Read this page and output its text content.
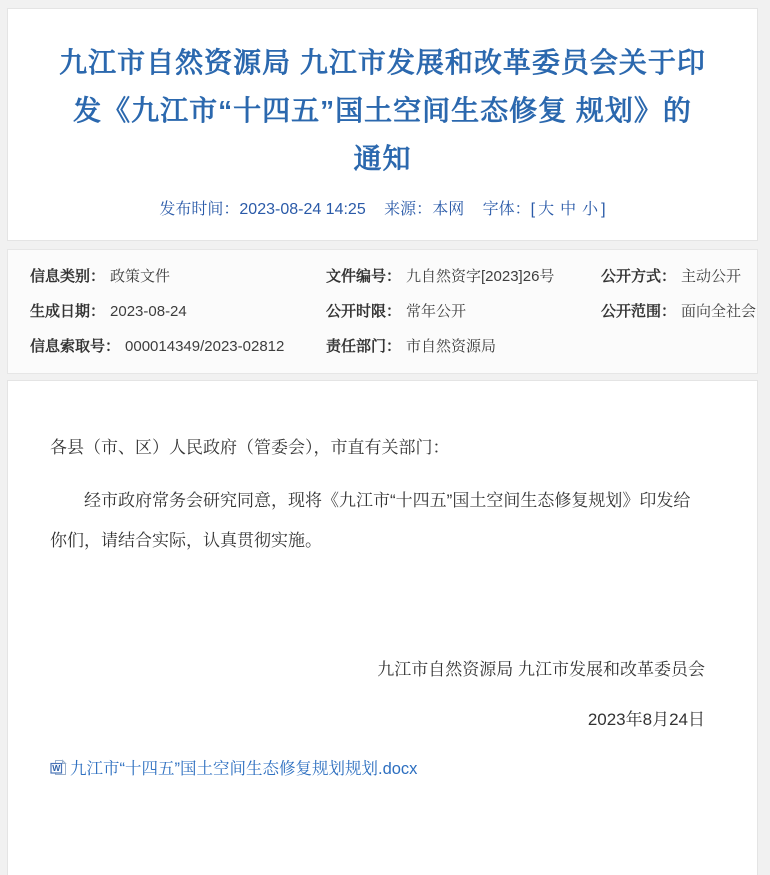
九江市自然资源局 九江市发展和改革委员会关于印
发《九江市“十四五”国土空间生态修复 规划》的
通知
发布时间：2023-08-24 14:25 来源：本网 字体：[ 大 中 小 ]
信息类别： 政策文件	文件编号： 九自然资字[2023]26号	公开方式： 主动公开
生成日期： 2023-08-24	公开时限： 常年公开	公开范围： 面向全社会
信息索取号： 000014349/2023-02812	责任部门： 市自然资源局

各县（市、区）人民政府（管委会），市直有关部门：

经市政府常务会研究同意，现将《九江市“十四五”国土空间生态修复规划》印发给你们，请结合实际，认真贯彻实施。

九江市自然资源局 九江市发展和改革委员会
2023年8月24日
W 九江市“十四五”国土空间生态修复规划规划.docx
